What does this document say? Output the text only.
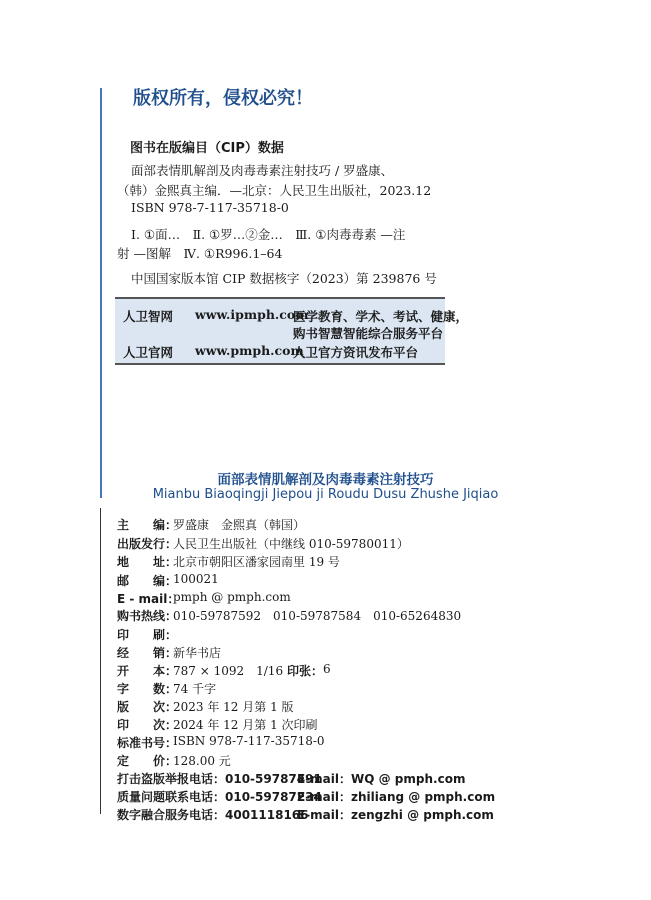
版权所有，侵权必究！
图书在版编目（CIP）数据
面部表情肌解剖及肉毒毒素注射技巧 / 罗盛康、
（韩）金熙真主编．—北京：人民卫生出版社，2023.12
ISBN 978-7-117-35718-0
Ⅰ. ①面…　Ⅱ. ①罗…②金…　Ⅲ. ①肉毒毒素 —注
射 —图解　Ⅳ. ①R996.1–64
中国国家版本馆 CIP 数据核字（2023）第 239876 号
人卫智网 www.ipmph.com
医学教育、学术、考试、健康，
购书智慧智能综合服务平台
人卫官网 www.pmph.com
人卫官方资讯发布平台
面部表情肌解剖及肉毒毒素注射技巧
Mianbu Biaoqingji Jiepou ji Roudu Dusu Zhushe Jiqiao
主　　编：
罗盛康　金熙真（韩国）
出版发行：
人民卫生出版社（中继线 010-59780011）
地　　址：
北京市朝阳区潘家园南里 19 号
邮　　编：
100021
E - mail：
pmph @ pmph.com
购书热线：
010-59787592　010-59787584　010-65264830
印　　刷：
经　　销：
新华书店
开　　本：
787 × 1092　1/16 印张： 6
字　　数：
74 千字
版　　次：
2023 年 12 月第 1 版
印　　次：
2024 年 12 月第 1 次印刷
标准书号：
ISBN 978-7-117-35718-0
定　　价：
128.00 元
打击盗版举报电话：010-59787491
E-mail：WQ @ pmph.com
质量问题联系电话：010-59787234
E-mail：zhiliang @ pmph.com
数字融合服务电话：4001118166
E-mail：zengzhi @ pmph.com
